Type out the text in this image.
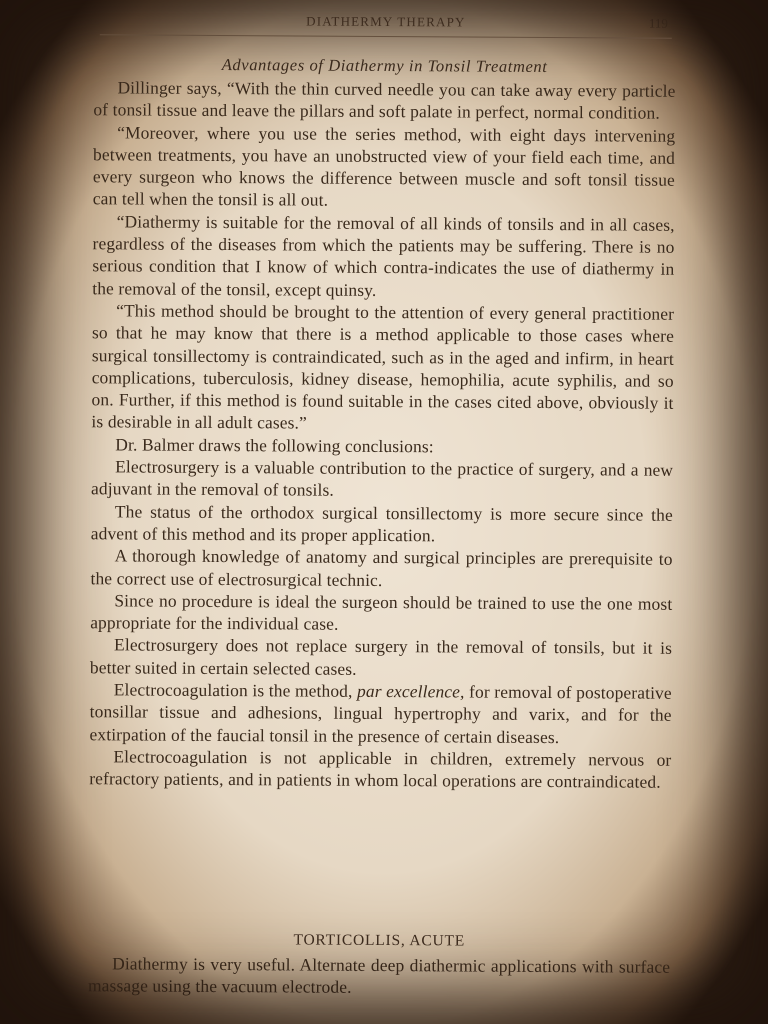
DIATHERMY THERAPY	119
Advantages of Diathermy in Tonsil Treatment

Dillinger says, “With the thin curved needle you can take away every particle of tonsil tissue and leave the pillars and soft palate in perfect, normal condition.

“Moreover, where you use the series method, with eight days intervening between treatments, you have an unobstructed view of your field each time, and every surgeon who knows the difference between muscle and soft tonsil tissue can tell when the tonsil is all out.

“Diathermy is suitable for the removal of all kinds of tonsils and in all cases, regardless of the diseases from which the patients may be suffering. There is no serious condition that I know of which contra-indicates the use of diathermy in the removal of the tonsil, except quinsy.

“This method should be brought to the attention of every general practitioner so that he may know that there is a method applicable to those cases where surgical tonsillectomy is contraindicated, such as in the aged and infirm, in heart complications, tuberculosis, kidney disease, hemophilia, acute syphilis, and so on. Further, if this method is found suitable in the cases cited above, obviously it is desirable in all adult cases.”

Dr. Balmer draws the following conclusions:

Electrosurgery is a valuable contribution to the practice of surgery, and a new adjuvant in the removal of tonsils.

The status of the orthodox surgical tonsillectomy is more secure since the advent of this method and its proper application.

A thorough knowledge of anatomy and surgical principles are prerequisite to the correct use of electrosurgical technic.

Since no procedure is ideal the surgeon should be trained to use the one most appropriate for the individual case.

Electrosurgery does not replace surgery in the removal of tonsils, but it is better suited in certain selected cases.

Electrocoagulation is the method, par excellence, for removal of postoperative tonsillar tissue and adhesions, lingual hypertrophy and varix, and for the extirpation of the faucial tonsil in the presence of certain diseases.

Electrocoagulation is not applicable in children, extremely nervous or refractory patients, and in patients in whom local operations are contraindicated.

TORTICOLLIS, ACUTE

Diathermy is very useful. Alternate deep diathermic applications with surface massage using the vacuum electrode.
